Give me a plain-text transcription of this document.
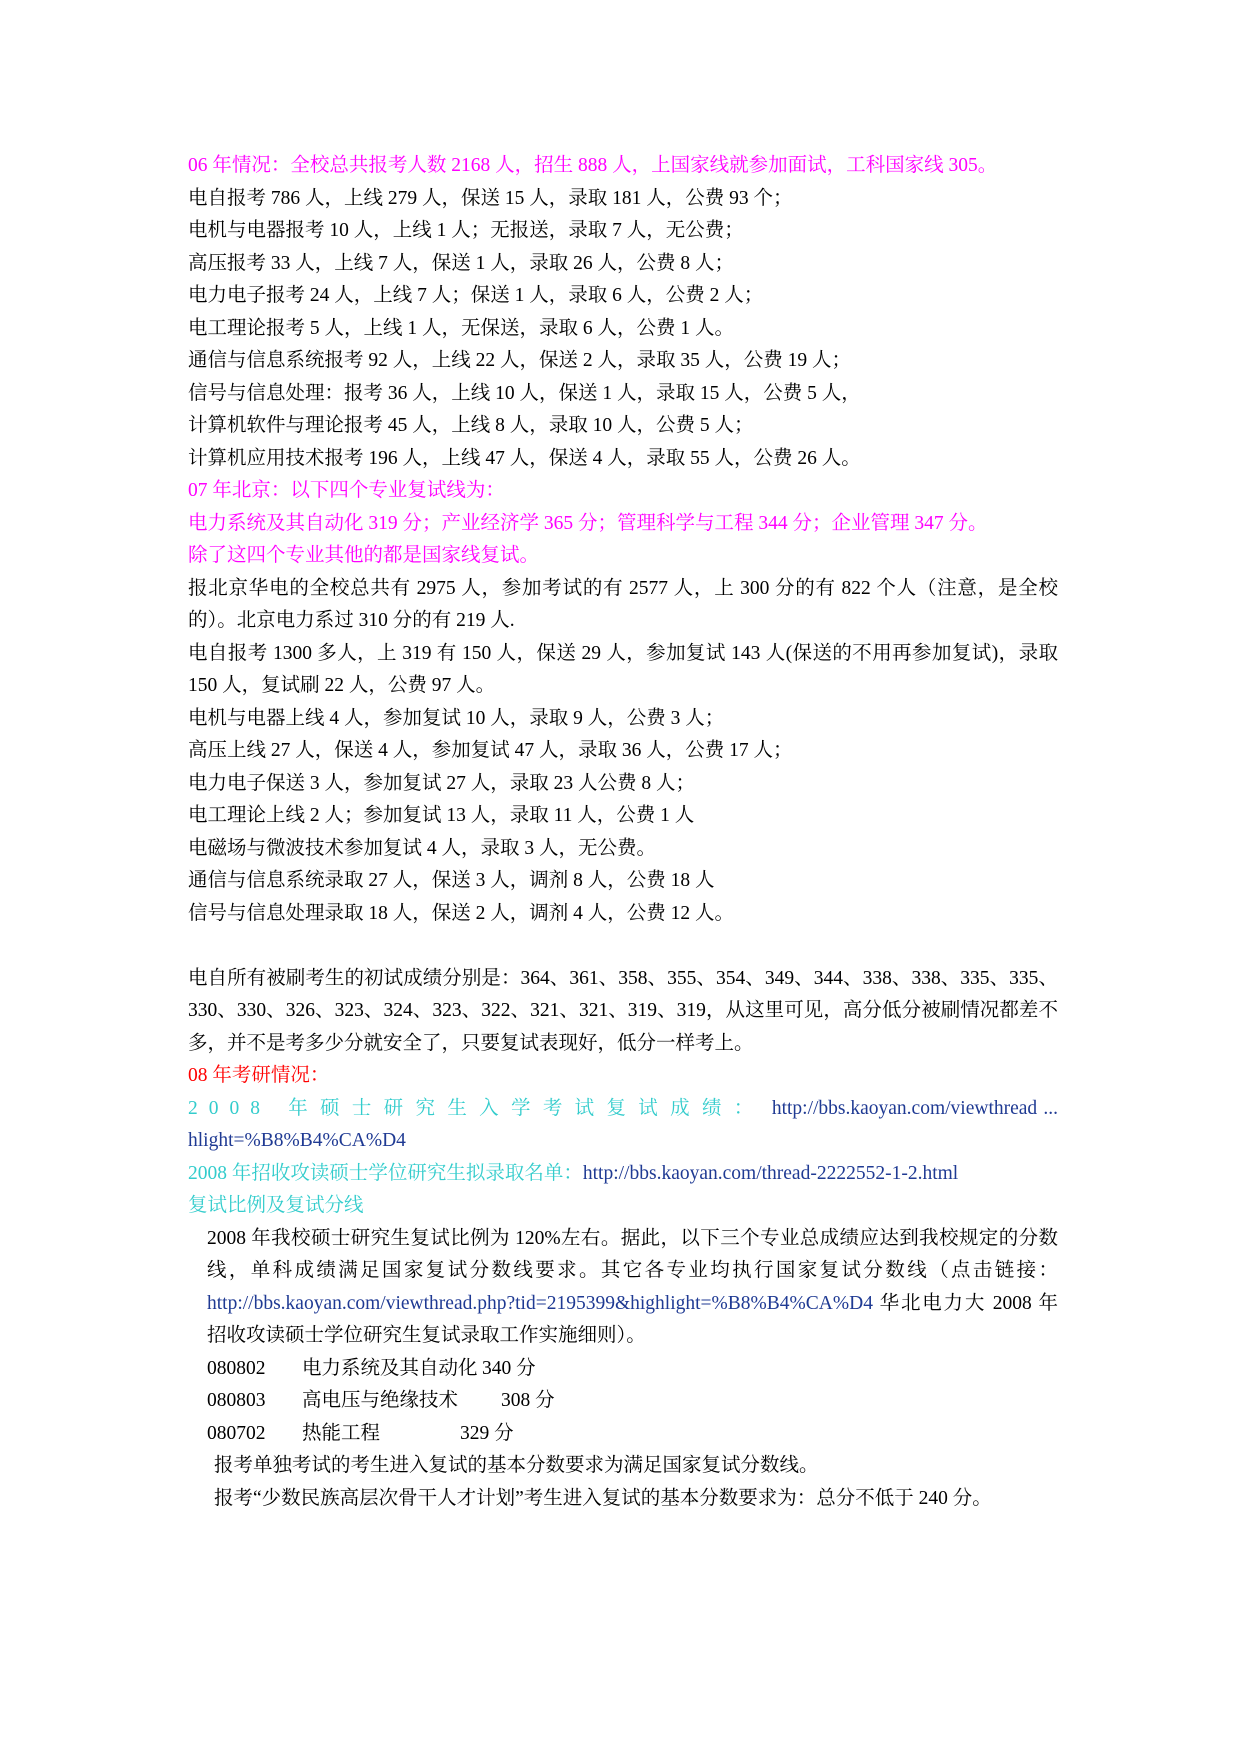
06 年情况：全校总共报考人数 2168 人，招生 888 人，上国家线就参加面试，工科国家线 305。

电自报考 786 人，上线 279 人，保送 15 人，录取 181 人，公费 93 个；

电机与电器报考 10 人，上线 1 人；无报送，录取 7 人，无公费；

高压报考 33 人，上线 7 人，保送 1 人，录取 26 人，公费 8 人；

电力电子报考 24 人，上线 7 人；保送 1 人，录取 6 人，公费 2 人；

电工理论报考 5 人，上线 1 人，无保送，录取 6 人，公费 1 人。

通信与信息系统报考 92 人，上线 22 人，保送 2 人，录取 35 人，公费 19 人；

信号与信息处理：报考 36 人，上线 10 人，保送 1 人，录取 15 人，公费 5 人，

计算机软件与理论报考 45 人，上线 8 人，录取 10 人，公费 5 人；

计算机应用技术报考 196 人，上线 47 人，保送 4 人，录取 55 人，公费 26 人。

07 年北京：以下四个专业复试线为：

电力系统及其自动化 319 分；产业经济学 365 分；管理科学与工程 344 分；企业管理 347 分。

除了这四个专业其他的都是国家线复试。

报北京华电的全校总共有 2975 人，参加考试的有 2577 人，上 300 分的有 822 个人（注意，是全校的）。北京电力系过 310 分的有 219 人.

电自报考 1300 多人，上 319 有 150 人，保送 29 人，参加复试 143 人(保送的不用再参加复试)，录取 150 人，复试刷 22 人，公费 97 人。

电机与电器上线 4 人，参加复试 10 人，录取 9 人，公费 3 人；

高压上线 27 人，保送 4 人，参加复试 47 人，录取 36 人，公费 17 人；

电力电子保送 3 人，参加复试 27 人，录取 23 人公费 8 人；

电工理论上线 2 人；参加复试 13 人，录取 11 人，公费 1 人

电磁场与微波技术参加复试 4 人，录取 3 人，无公费。

通信与信息系统录取 27 人，保送 3 人，调剂 8 人，公费 18 人

信号与信息处理录取 18 人，保送 2 人，调剂 4 人，公费 12 人。

电自所有被刷考生的初试成绩分别是：364、361、358、355、354、349、344、338、338、335、335、330、330、326、323、324、323、322、321、321、319、319，从这里可见，高分低分被刷情况都差不多，并不是考多少分就安全了，只要复试表现好，低分一样考上。

08 年考研情况：

2008 年硕士研究生入学考试复试成绩： http://bbs.kaoyan.com/viewthread ... hlight=%B8%B4%CA%D4

2008 年招收攻读硕士学位研究生拟录取名单：http://bbs.kaoyan.com/thread-2222552-1-2.html

复试比例及复试分线

2008 年我校硕士研究生复试比例为 120%左右。据此，以下三个专业总成绩应达到我校规定的分数线，单科成绩满足国家复试分数线要求。其它各专业均执行国家复试分数线（点击链接：http://bbs.kaoyan.com/viewthread.php?tid=2195399&highlight=%B8%B4%CA%D4 华北电力大 2008 年招收攻读硕士学位研究生复试录取工作实施细则）。

080802 电力系统及其自动化 340 分
080803 高电压与绝缘技术 308 分
080702 热能工程	329 分

报考单独考试的考生进入复试的基本分数要求为满足国家复试分数线。

报考“少数民族高层次骨干人才计划”考生进入复试的基本分数要求为：总分不低于 240 分。
